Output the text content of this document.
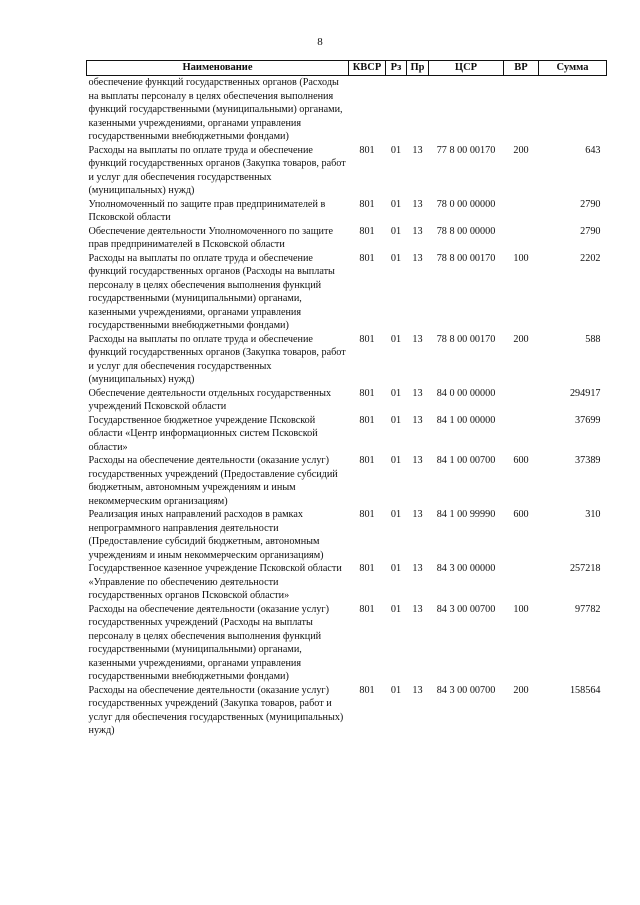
8
Наименование	КВСР	Рз	Пр	ЦСР	ВР	Сумма
обеспечение функций государственных органов (Расходы на выплаты персоналу в целях обеспечения выполнения функций государственными (муниципальными) органами, казенными учреждениями, органами управления государственными внебюджетными фондами)						
Расходы на выплаты по оплате труда и обеспечение функций государственных органов (Закупка товаров, работ и услуг для обеспечения государственных (муниципальных) нужд)	801	01	13	77 8 00 00170	200	643
Уполномоченный по защите прав предпринимателей в Псковской области	801	01	13	78 0 00 00000		2790
Обеспечение деятельности Уполномоченного по защите прав предпринимателей в Псковской области	801	01	13	78 8 00 00000		2790
Расходы на выплаты по оплате труда и обеспечение функций государственных органов (Расходы на выплаты персоналу в целях обеспечения выполнения функций государственными (муниципальными) органами, казенными учреждениями, органами управления государственными внебюджетными фондами)	801	01	13	78 8 00 00170	100	2202
Расходы на выплаты по оплате труда и обеспечение функций государственных органов (Закупка товаров, работ и услуг для обеспечения государственных (муниципальных) нужд)	801	01	13	78 8 00 00170	200	588
Обеспечение деятельности отдельных государственных учреждений Псковской области	801	01	13	84 0 00 00000		294917
Государственное бюджетное учреждение Псковской области «Центр информационных систем Псковской области»	801	01	13	84 1 00 00000		37699
Расходы на обеспечение деятельности (оказание услуг) государственных учреждений (Предоставление субсидий бюджетным, автономным учреждениям и иным некоммерческим организациям)	801	01	13	84 1 00 00700	600	37389
Реализация иных направлений расходов в рамках непрограммного направления деятельности (Предоставление субсидий бюджетным, автономным учреждениям и иным некоммерческим организациям)	801	01	13	84 1 00 99990	600	310
Государственное казенное учреждение Псковской области «Управление по обеспечению деятельности государственных органов Псковской области»	801	01	13	84 3 00 00000		257218
Расходы на обеспечение деятельности (оказание услуг) государственных учреждений (Расходы на выплаты персоналу в целях обеспечения выполнения функций государственными (муниципальными) органами, казенными учреждениями, органами управления государственными внебюджетными фондами)	801	01	13	84 3 00 00700	100	97782
Расходы на обеспечение деятельности (оказание услуг) государственных учреждений (Закупка товаров, работ и услуг для обеспечения государственных (муниципальных) нужд)	801	01	13	84 3 00 00700	200	158564
